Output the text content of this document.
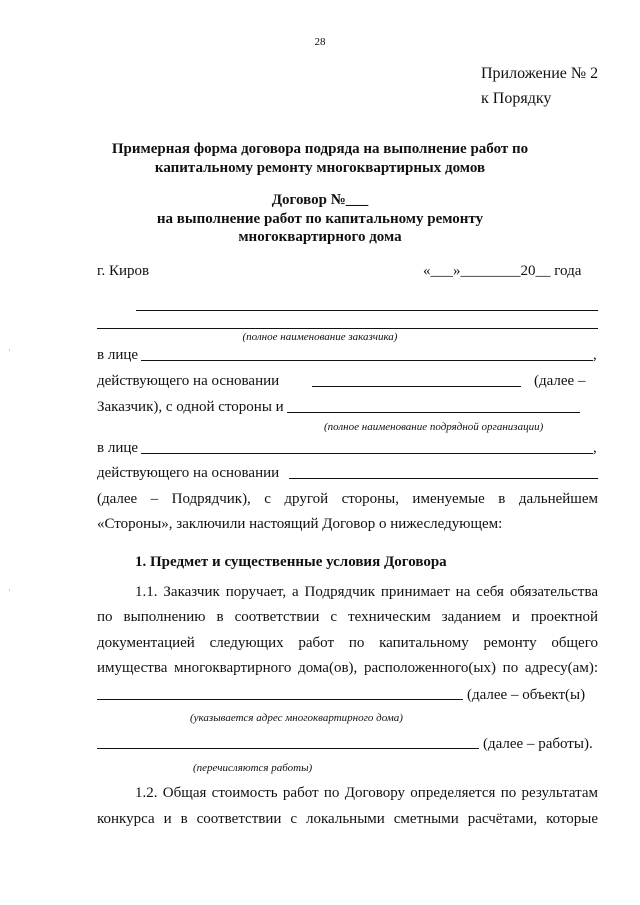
·
·
28
Приложение № 2
к Порядку
Примерная форма договора подряда на выполнение работ по
капитальному ремонту многоквартирных домов
Договор №___
на выполнение работ по капитальному ремонту
многоквартирного дома
г. Киров	«___»________20__ года
(полное наименование заказчика)
в лице	,
действующего на основании	(далее –
Заказчик), с одной стороны и
(полное наименование подрядной организации)
в лице	,
действующего на основании
(далее – Подрядчик), с другой стороны, именуемые в дальнейшем
«Стороны», заключили настоящий Договор о нижеследующем:
1. Предмет и существенные условия Договора
1.1. Заказчик поручает, а Подрядчик принимает на себя обязательства
по выполнению в соответствии с техническим заданием и проектной
документацией следующих работ по капитальному ремонту общего
имущества многоквартирного дома(ов), расположенного(ых) по адресу(ам):
(далее – объект(ы)
(указывается адрес многоквартирного дома)
(далее – работы).
(перечисляются работы)
1.2. Общая стоимость работ по Договору определяется по результатам
конкурса и в соответствии с локальными сметными расчётами, которые
